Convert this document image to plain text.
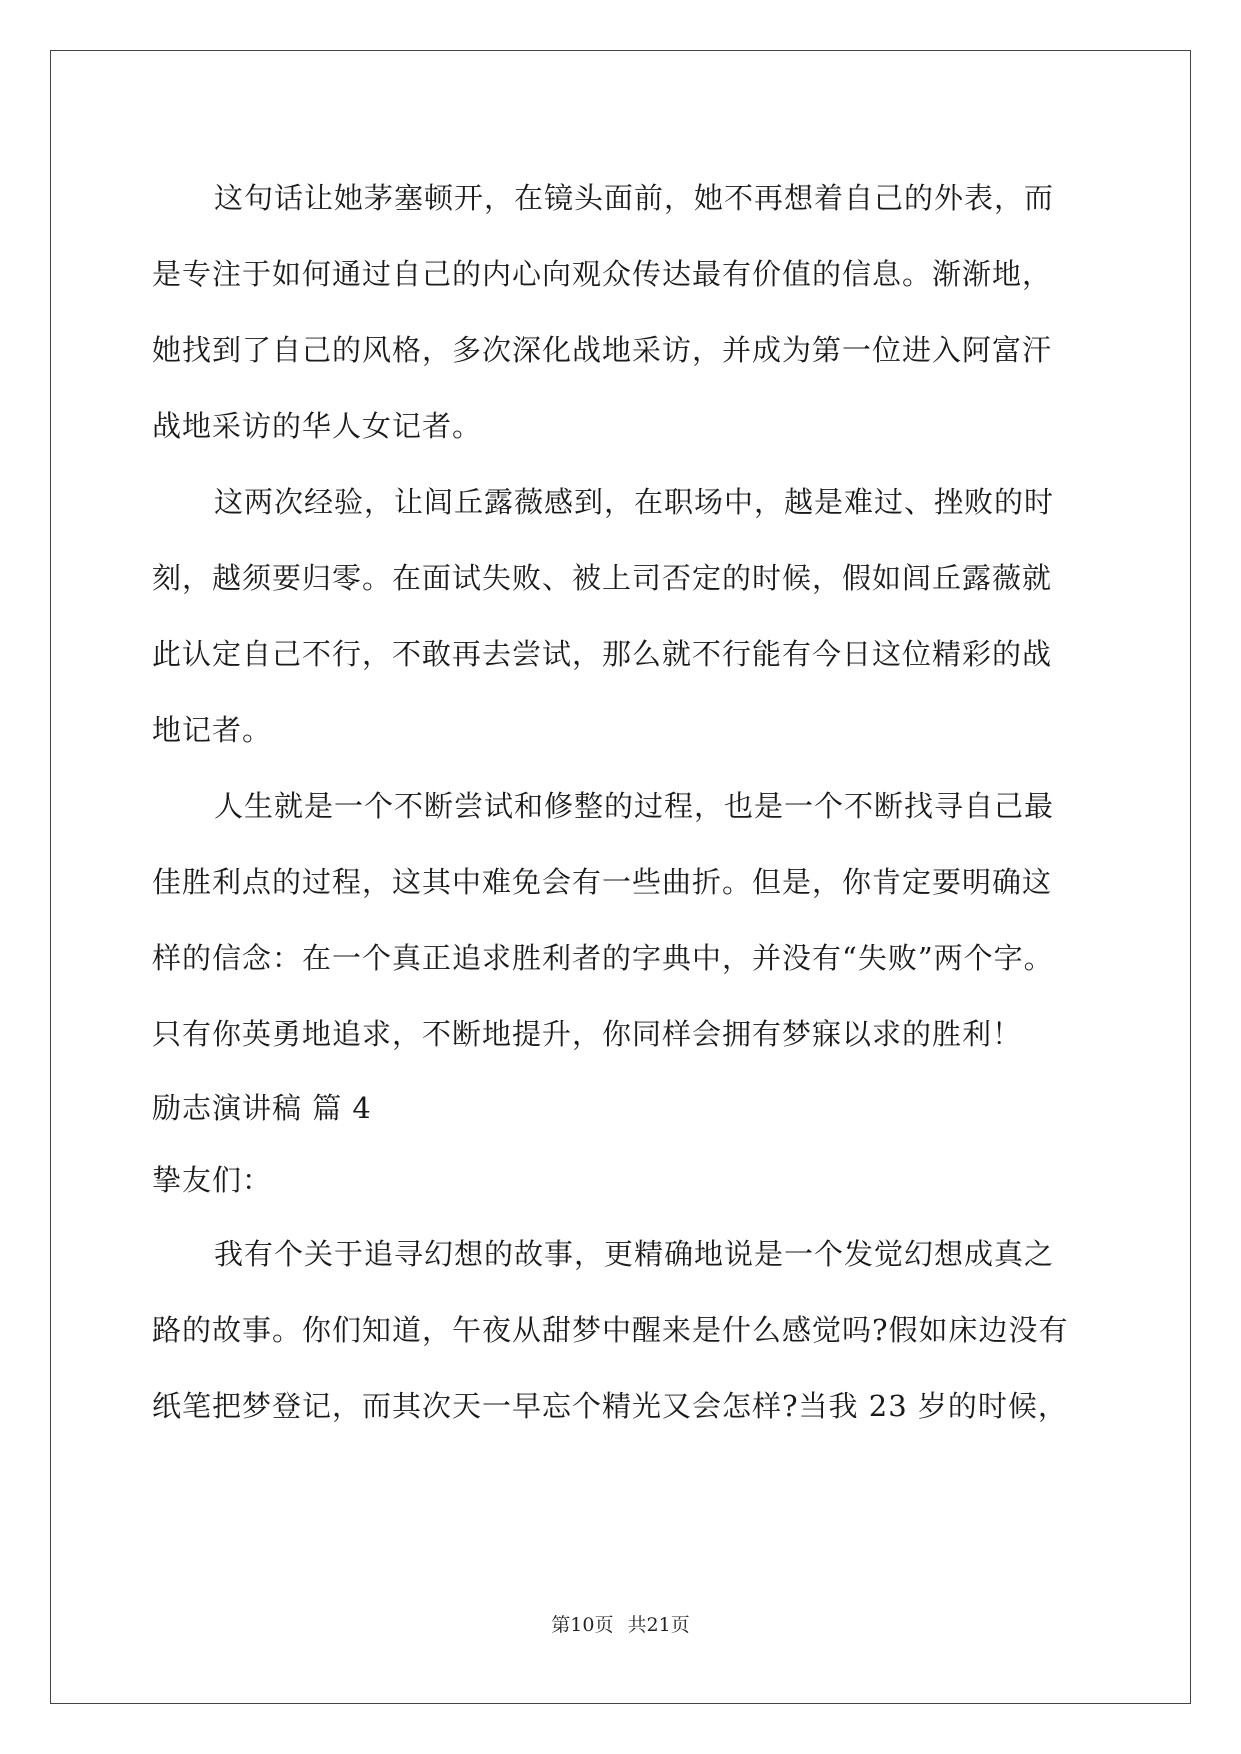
这句话让她茅塞顿开，在镜头面前，她不再想着自己的外表，而
是专注于如何通过自己的内心向观众传达最有价值的信息。渐渐地，
她找到了自己的风格，多次深化战地采访，并成为第一位进入阿富汗
战地采访的华人女记者。
这两次经验，让闾丘露薇感到，在职场中，越是难过、挫败的时
刻，越须要归零。在面试失败、被上司否定的时候，假如闾丘露薇就
此认定自己不行，不敢再去尝试，那么就不行能有今日这位精彩的战
地记者。
人生就是一个不断尝试和修整的过程，也是一个不断找寻自己最
佳胜利点的过程，这其中难免会有一些曲折。但是，你肯定要明确这
样的信念：在一个真正追求胜利者的字典中，并没有“失败”两个字。
只有你英勇地追求，不断地提升，你同样会拥有梦寐以求的胜利！
励志演讲稿 篇 4
挚友们：
我有个关于追寻幻想的故事，更精确地说是一个发觉幻想成真之
路的故事。你们知道，午夜从甜梦中醒来是什么感觉吗?假如床边没有
纸笔把梦登记，而其次天一早忘个精光又会怎样?当我 23 岁的时候，
第10页 共21页
